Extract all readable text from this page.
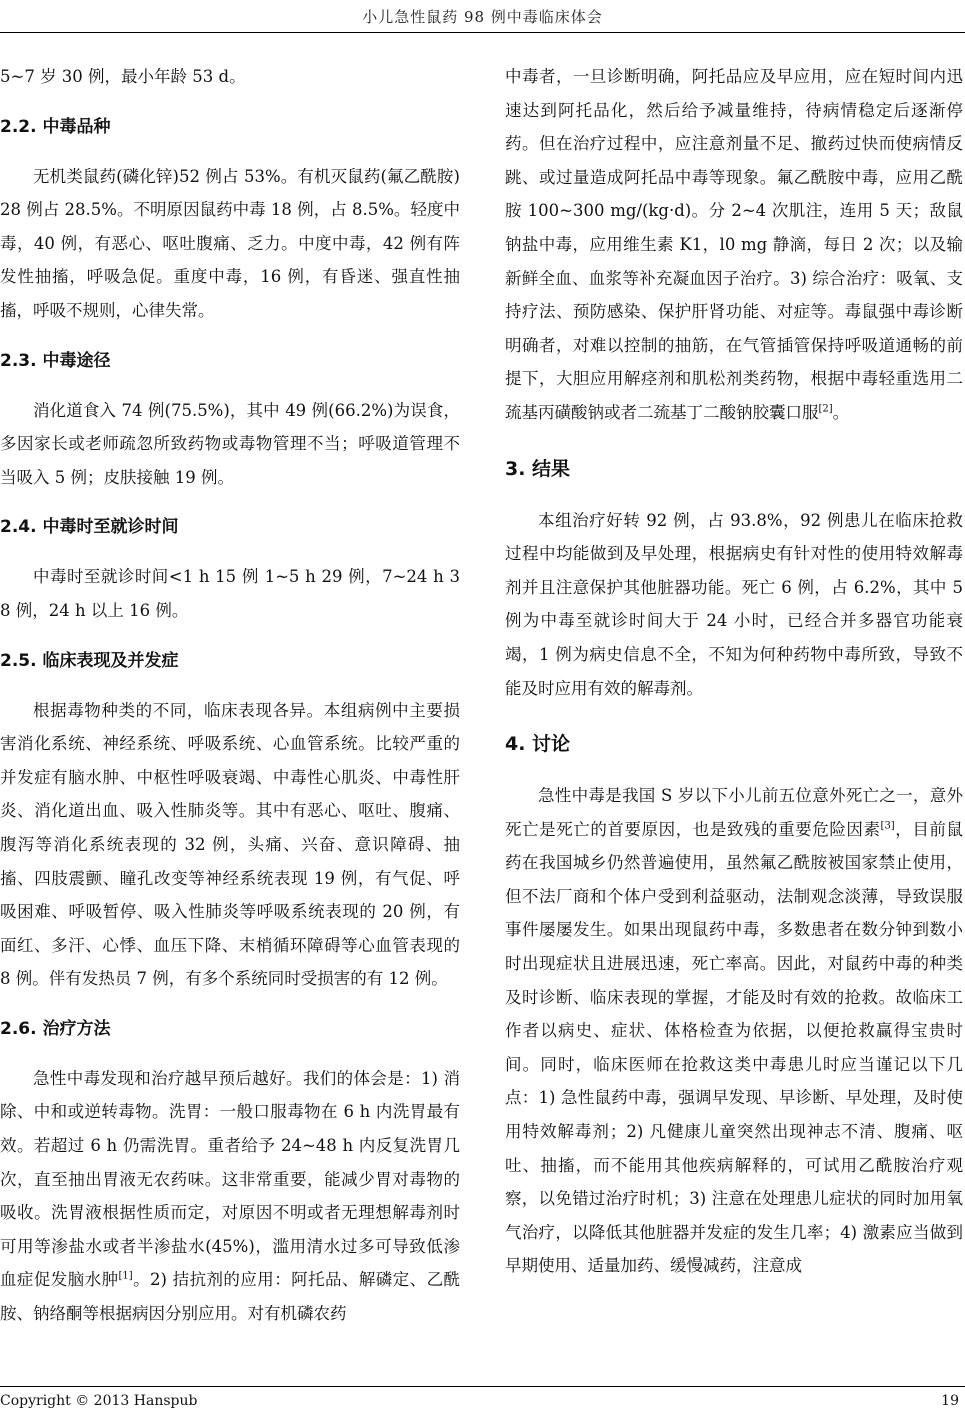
小儿急性鼠药 98 例中毒临床体会

5~7 岁 30 例，最小年龄 53 d。

2.2. 中毒品种

无机类鼠药(磷化锌)52 例占 53%。有机灭鼠药(氟乙酰胺)28 例占 28.5%。不明原因鼠药中毒 18 例，占 8.5%。轻度中毒，40 例，有恶心、呕吐腹痛、乏力。中度中毒，42 例有阵发性抽搐，呼吸急促。重度中毒，16 例，有昏迷、强直性抽搐，呼吸不规则，心律失常。

2.3. 中毒途径

消化道食入 74 例(75.5%)，其中 49 例(66.2%)为误食，多因家长或老师疏忽所致药物或毒物管理不当；呼吸道管理不当吸入 5 例；皮肤接触 19 例。

2.4. 中毒时至就诊时间

中毒时至就诊时间<1 h 15 例 1~5 h 29 例，7~24 h 38 例，24 h 以上 16 例。

2.5. 临床表现及并发症

根据毒物种类的不同，临床表现各异。本组病例中主要损害消化系统、神经系统、呼吸系统、心血管系统。比较严重的并发症有脑水肿、中枢性呼吸衰竭、中毒性心肌炎、中毒性肝炎、消化道出血、吸入性肺炎等。其中有恶心、呕吐、腹痛、腹泻等消化系统表现的 32 例，头痛、兴奋、意识障碍、抽搐、四肢震颤、瞳孔改变等神经系统表现 19 例，有气促、呼吸困难、呼吸暂停、吸入性肺炎等呼吸系统表现的 20 例，有面红、多汗、心悸、血压下降、末梢循环障碍等心血管表现的 8 例。伴有发热员 7 例，有多个系统同时受损害的有 12 例。

2.6. 治疗方法

急性中毒发现和治疗越早预后越好。我们的体会是：1) 消除、中和或逆转毒物。洗胃：一般口服毒物在 6 h 内洗胃最有效。若超过 6 h 仍需洗胃。重者给予 24~48 h 内反复洗胃几次，直至抽出胃液无农药味。这非常重要，能减少胃对毒物的吸收。洗胃液根据性质而定，对原因不明或者无理想解毒剂时可用等渗盐水或者半渗盐水(45%)，滥用清水过多可导致低渗血症促发脑水肿[1]。2) 拮抗剂的应用：阿托品、解磷定、乙酰胺、钠络酮等根据病因分别应用。对有机磷农药

中毒者，一旦诊断明确，阿托品应及早应用，应在短时间内迅速达到阿托品化，然后给予减量维持，待病情稳定后逐渐停药。但在治疗过程中，应注意剂量不足、撤药过快而使病情反跳、或过量造成阿托品中毒等现象。氟乙酰胺中毒，应用乙酰胺 100~300 mg/(kg·d)。分 2~4 次肌注，连用 5 天；敌鼠钠盐中毒，应用维生素 K1，l0 mg 静滴，每日 2 次；以及输新鲜全血、血浆等补充凝血因子治疗。3) 综合治疗：吸氧、支持疗法、预防感染、保护肝肾功能、对症等。毒鼠强中毒诊断明确者，对难以控制的抽筋，在气管插管保持呼吸道通畅的前提下，大胆应用解痉剂和肌松剂类药物，根据中毒轻重选用二巯基丙磺酸钠或者二巯基丁二酸钠胶囊口服[2]。

3. 结果

本组治疗好转 92 例，占 93.8%，92 例患儿在临床抢救过程中均能做到及早处理，根据病史有针对性的使用特效解毒剂并且注意保护其他脏器功能。死亡 6 例，占 6.2%，其中 5 例为中毒至就诊时间大于 24 小时，已经合并多器官功能衰竭，1 例为病史信息不全，不知为何种药物中毒所致，导致不能及时应用有效的解毒剂。

4. 讨论

急性中毒是我国 S 岁以下小儿前五位意外死亡之一，意外死亡是死亡的首要原因，也是致残的重要危险因素[3]，目前鼠药在我国城乡仍然普遍使用，虽然氟乙酰胺被国家禁止使用，但不法厂商和个体户受到利益驱动，法制观念淡薄，导致误服事件屡屡发生。如果出现鼠药中毒，多数患者在数分钟到数小时出现症状且进展迅速，死亡率高。因此，对鼠药中毒的种类及时诊断、临床表现的掌握，才能及时有效的抢救。故临床工作者以病史、症状、体格检查为依据，以便抢救赢得宝贵时间。同时，临床医师在抢救这类中毒患儿时应当谨记以下几点：1) 急性鼠药中毒，强调早发现、早诊断、早处理，及时使用特效解毒剂；2) 凡健康儿童突然出现神志不清、腹痛、呕吐、抽搐，而不能用其他疾病解释的，可试用乙酰胺治疗观察，以免错过治疗时机；3) 注意在处理患儿症状的同时加用氧气治疗，以降低其他脏器并发症的发生几率；4) 激素应当做到早期使用、适量加药、缓慢减药，注意成

Copyright © 2013 Hanspub	19
